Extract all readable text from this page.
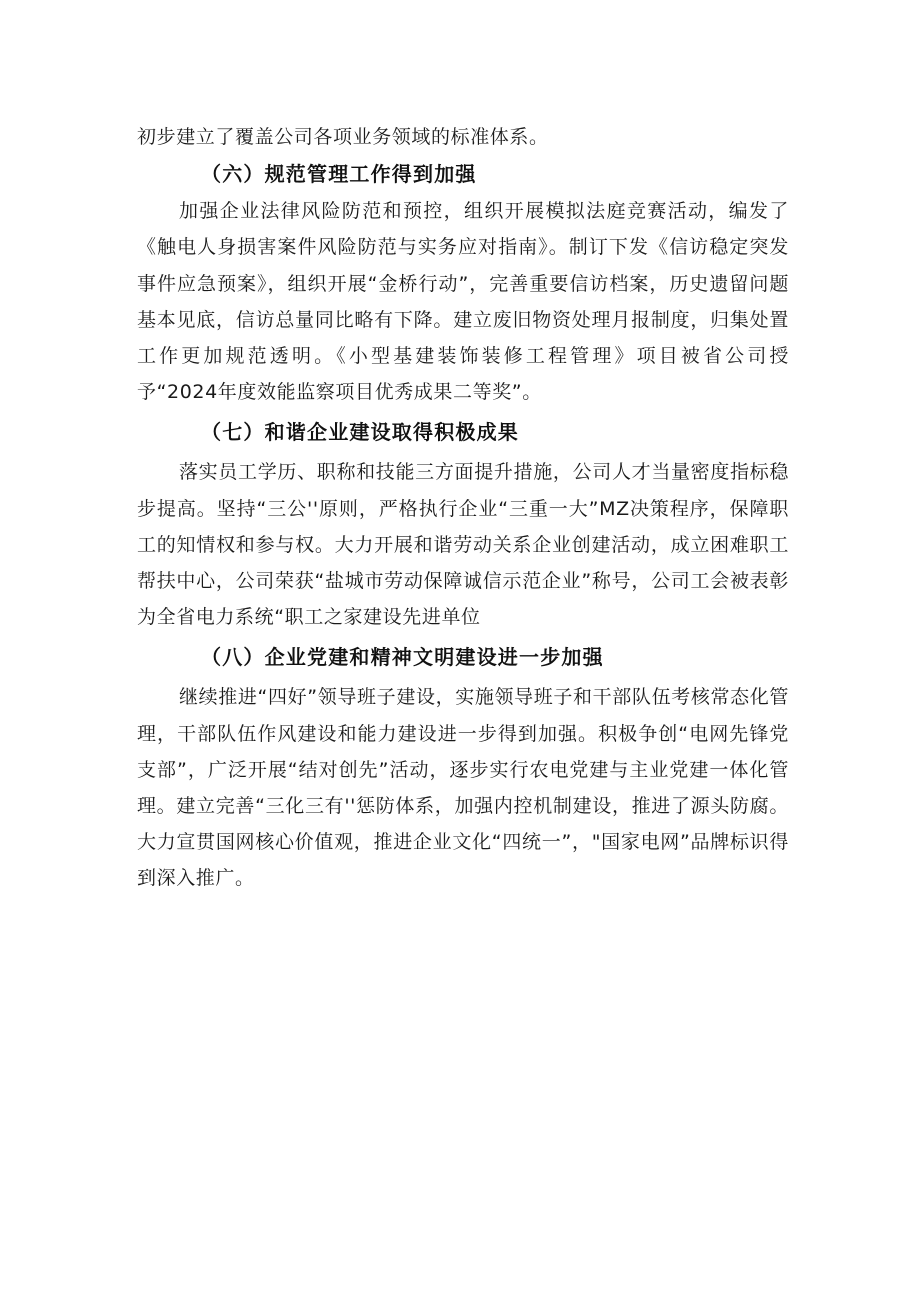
初步建立了覆盖公司各项业务领域的标准体系。

（六）规范管理工作得到加强

加强企业法律风险防范和预控，组织开展模拟法庭竞赛活动，编发了《触电人身损害案件风险防范与实务应对指南》。制订下发《信访稳定突发事件应急预案》，组织开展“金桥行动”，完善重要信访档案，历史遗留问题基本见底，信访总量同比略有下降。建立废旧物资处理月报制度，归集处置工作更加规范透明。《小型基建装饰装修工程管理》项目被省公司授予“2024年度效能监察项目优秀成果二等奖”。

（七）和谐企业建设取得积极成果

落实员工学历、职称和技能三方面提升措施，公司人才当量密度指标稳步提高。坚持“三公''原则，严格执行企业“三重一大”MZ决策程序，保障职工的知情权和参与权。大力开展和谐劳动关系企业创建活动，成立困难职工帮扶中心，公司荣获“盐城市劳动保障诚信示范企业”称号，公司工会被表彰为全省电力系统“职工之家建设先进单位

（八）企业党建和精神文明建设进一步加强

继续推进“四好”领导班子建设，实施领导班子和干部队伍考核常态化管理，干部队伍作风建设和能力建设进一步得到加强。积极争创“电网先锋党支部”，广泛开展“结对创先”活动，逐步实行农电党建与主业党建一体化管理。建立完善“三化三有''惩防体系，加强内控机制建设，推进了源头防腐。大力宣贯国网核心价值观，推进企业文化“四统一”，"国家电网”品牌标识得到深入推广。
